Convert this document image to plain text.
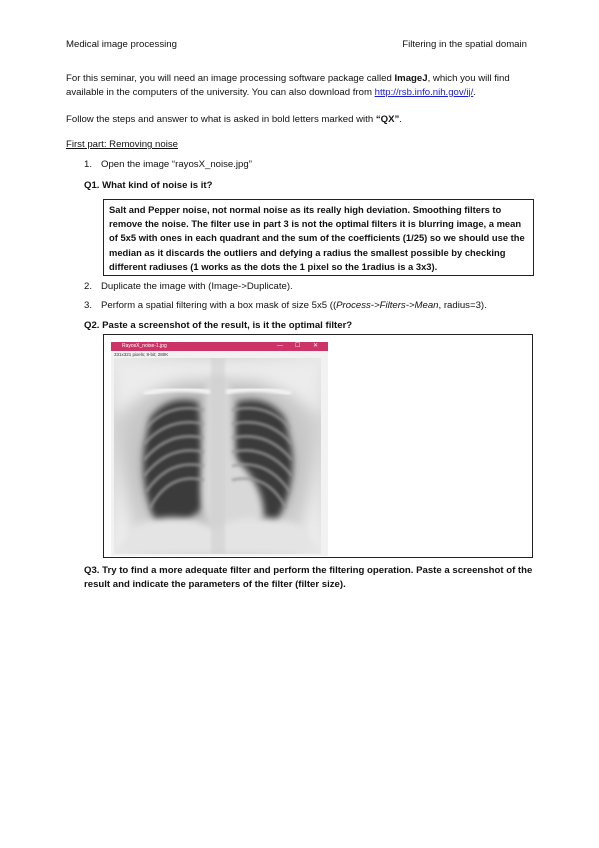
Medical image processing	Filtering in the spatial domain
For this seminar, you will need an image processing software package called ImageJ, which you will find available in the computers of the university. You can also download from http://rsb.info.nih.gov/ij/.
Follow the steps and answer to what is asked in bold letters marked with “QX”.
First part: Removing noise
1. Open the image “rayosX_noise.jpg”
Q1. What kind of noise is it?
Salt and Pepper noise, not normal noise as its really high deviation. Smoothing filters to remove the noise. The filter use in part 3 is not the optimal filters it is blurring image, a mean of 5x5 with ones in each quadrant and the sum of the coefficients (1/25) so we should use the median as it discards the outliers and defying a radius the smallest possible by checking different radiuses (1 works as the dots the 1 pixel so the 1radius is a 3x3).
2. Duplicate the image with (Image->Duplicate).
3. Perform a spatial filtering with a box mask of size 5x5 ((Process->Filters->Mean, radius=3).
Q2. Paste a screenshot of the result, is it the optimal filter?
RayosX_noise-1.jpg	— ☐ ✕
331x321 pixels; 8-bit; 280K
Q3. Try to find a more adequate filter and perform the filtering operation. Paste a screenshot of the result and indicate the parameters of the filter (filter size).
